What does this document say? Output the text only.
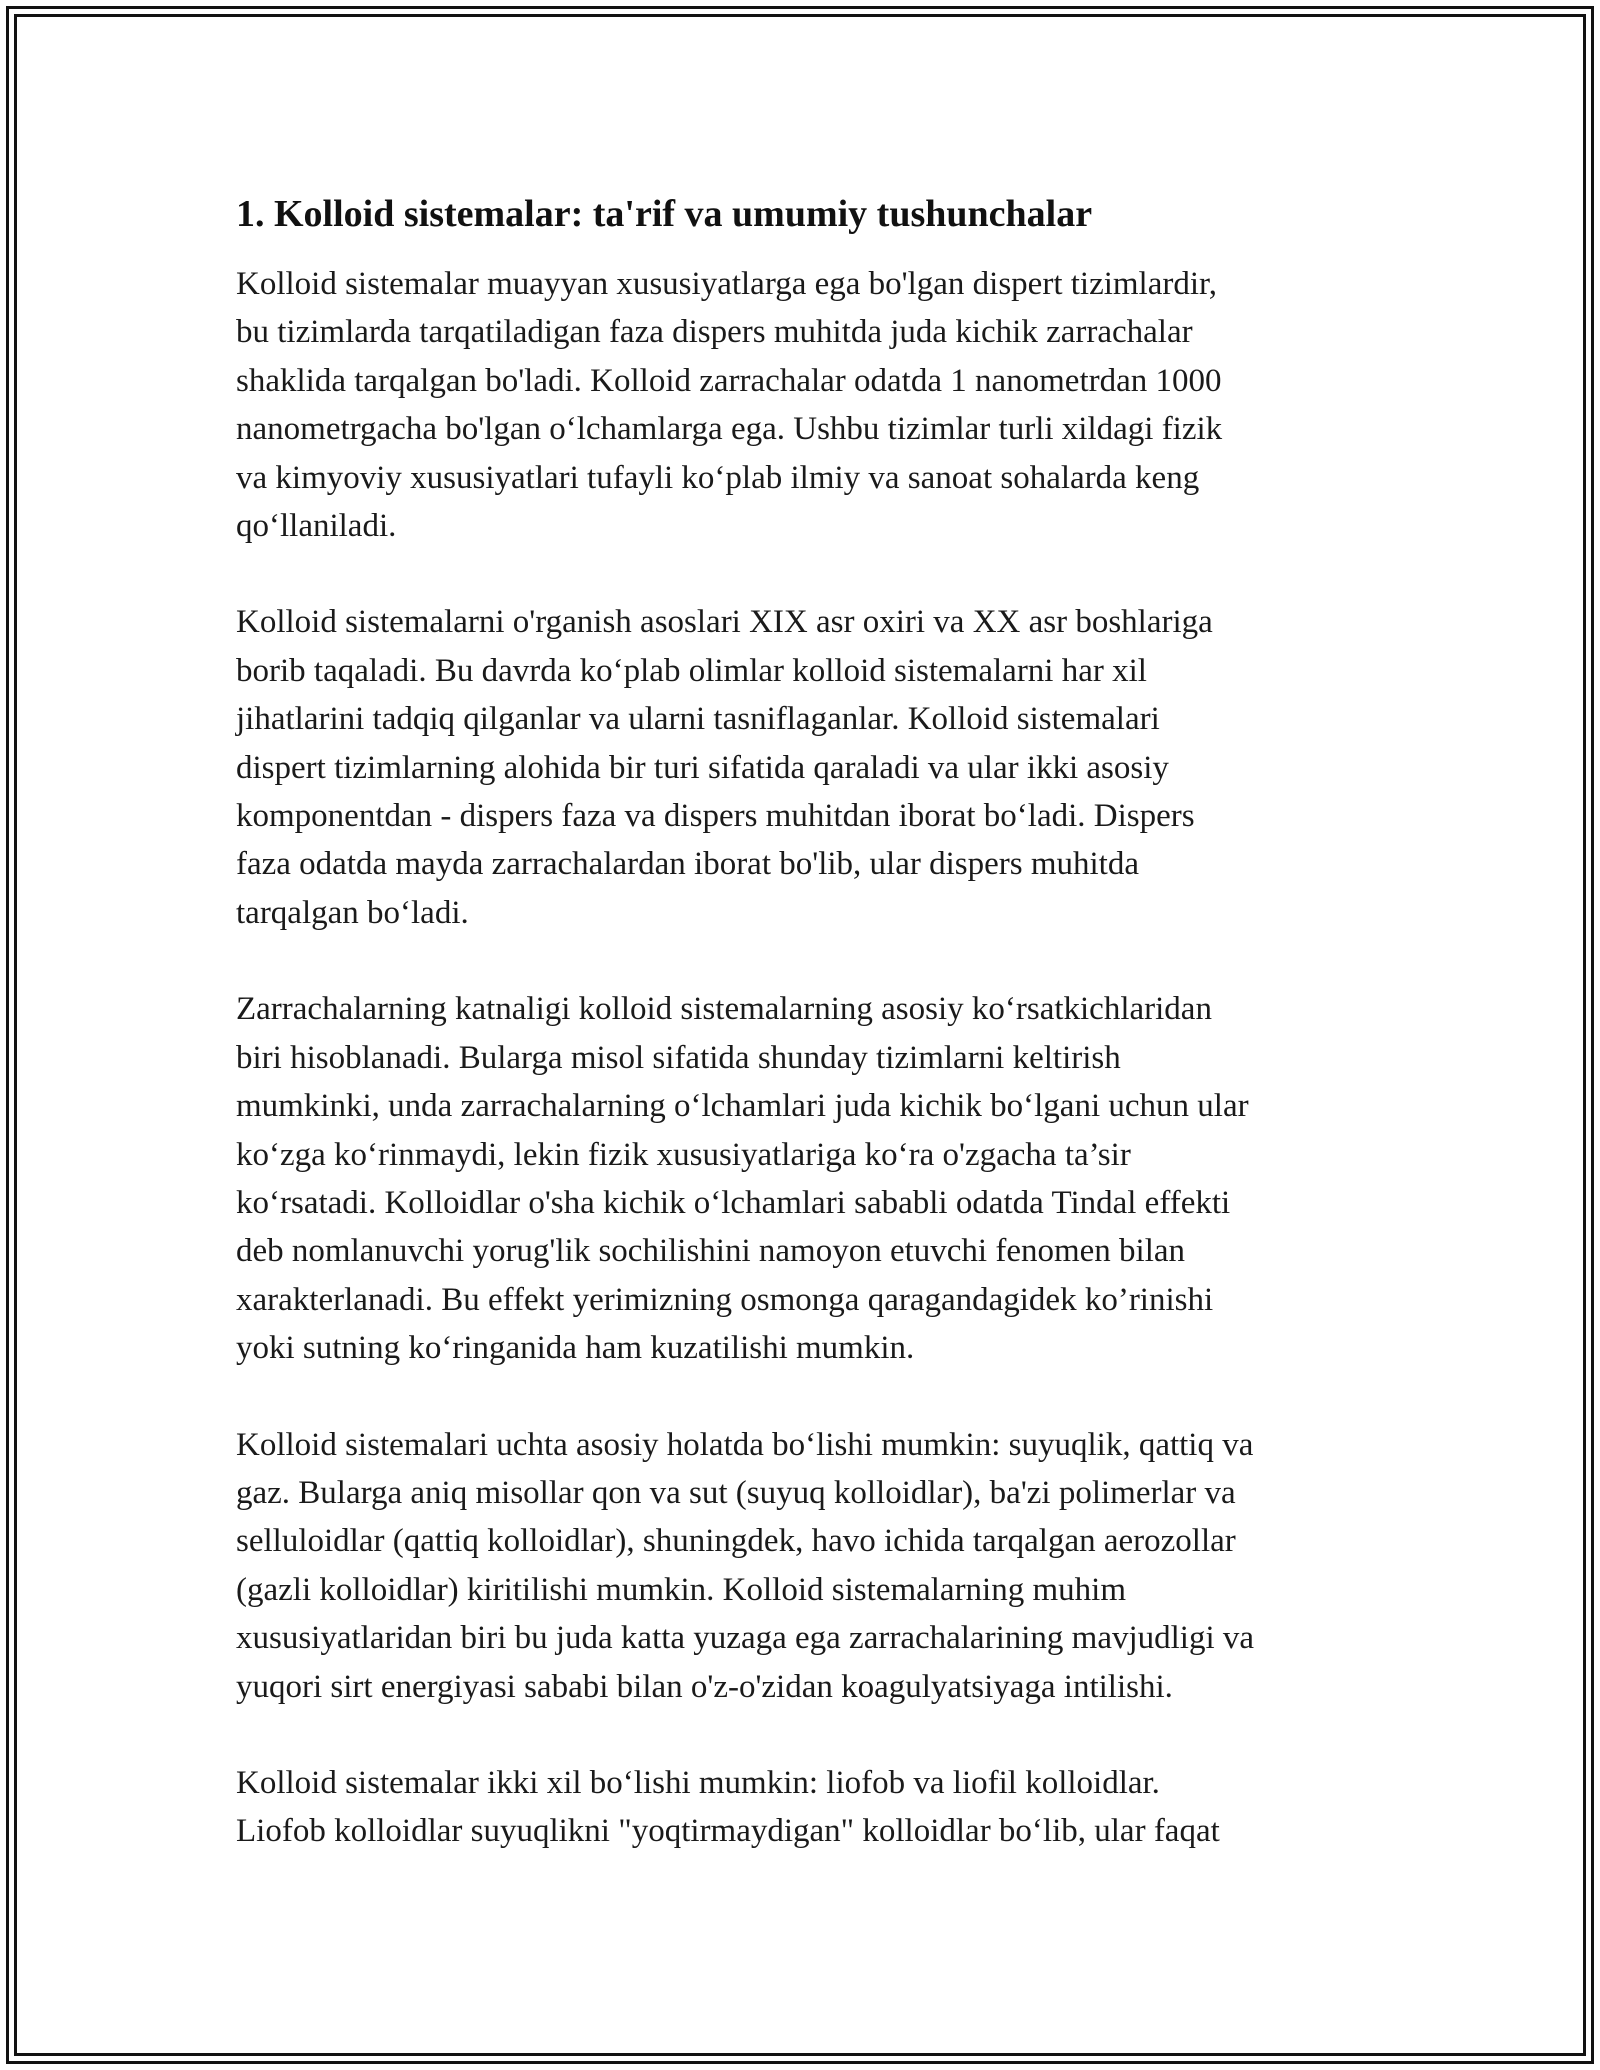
1. Kolloid sistemalar: ta'rif va umumiy tushunchalar

Kolloid sistemalar muayyan xususiyatlarga ega bo'lgan dispert tizimlardir,
bu tizimlarda tarqatiladigan faza dispers muhitda juda kichik zarrachalar
shaklida tarqalgan bo'ladi. Kolloid zarrachalar odatda 1 nanometrdan 1000
nanometrgacha bo'lgan o‘lchamlarga ega. Ushbu tizimlar turli xildagi fizik
va kimyoviy xususiyatlari tufayli ko‘plab ilmiy va sanoat sohalarda keng
qo‘llaniladi.

Kolloid sistemalarni o'rganish asoslari XIX asr oxiri va XX asr boshlariga
borib taqaladi. Bu davrda ko‘plab olimlar kolloid sistemalarni har xil
jihatlarini tadqiq qilganlar va ularni tasniflaganlar. Kolloid sistemalari
dispert tizimlarning alohida bir turi sifatida qaraladi va ular ikki asosiy
komponentdan - dispers faza va dispers muhitdan iborat bo‘ladi. Dispers
faza odatda mayda zarrachalardan iborat bo'lib, ular dispers muhitda
tarqalgan bo‘ladi.

Zarrachalarning katnaligi kolloid sistemalarning asosiy ko‘rsatkichlaridan
biri hisoblanadi. Bularga misol sifatida shunday tizimlarni keltirish
mumkinki, unda zarrachalarning o‘lchamlari juda kichik bo‘lgani uchun ular
ko‘zga ko‘rinmaydi, lekin fizik xususiyatlariga ko‘ra o'zgacha ta’sir
ko‘rsatadi. Kolloidlar o'sha kichik o‘lchamlari sababli odatda Tindal effekti
deb nomlanuvchi yorug'lik sochilishini namoyon etuvchi fenomen bilan
xarakterlanadi. Bu effekt yerimizning osmonga qaragandagidek ko’rinishi
yoki sutning ko‘ringanida ham kuzatilishi mumkin.

Kolloid sistemalari uchta asosiy holatda bo‘lishi mumkin: suyuqlik, qattiq va
gaz. Bularga aniq misollar qon va sut (suyuq kolloidlar), ba'zi polimerlar va
selluloidlar (qattiq kolloidlar), shuningdek, havo ichida tarqalgan aerozollar
(gazli kolloidlar) kiritilishi mumkin. Kolloid sistemalarning muhim
xususiyatlaridan biri bu juda katta yuzaga ega zarrachalarining mavjudligi va
yuqori sirt energiyasi sababi bilan o'z-o'zidan koagulyatsiyaga intilishi.

Kolloid sistemalar ikki xil bo‘lishi mumkin: liofob va liofil kolloidlar.
Liofob kolloidlar suyuqlikni "yoqtirmaydigan" kolloidlar bo‘lib, ular faqat
